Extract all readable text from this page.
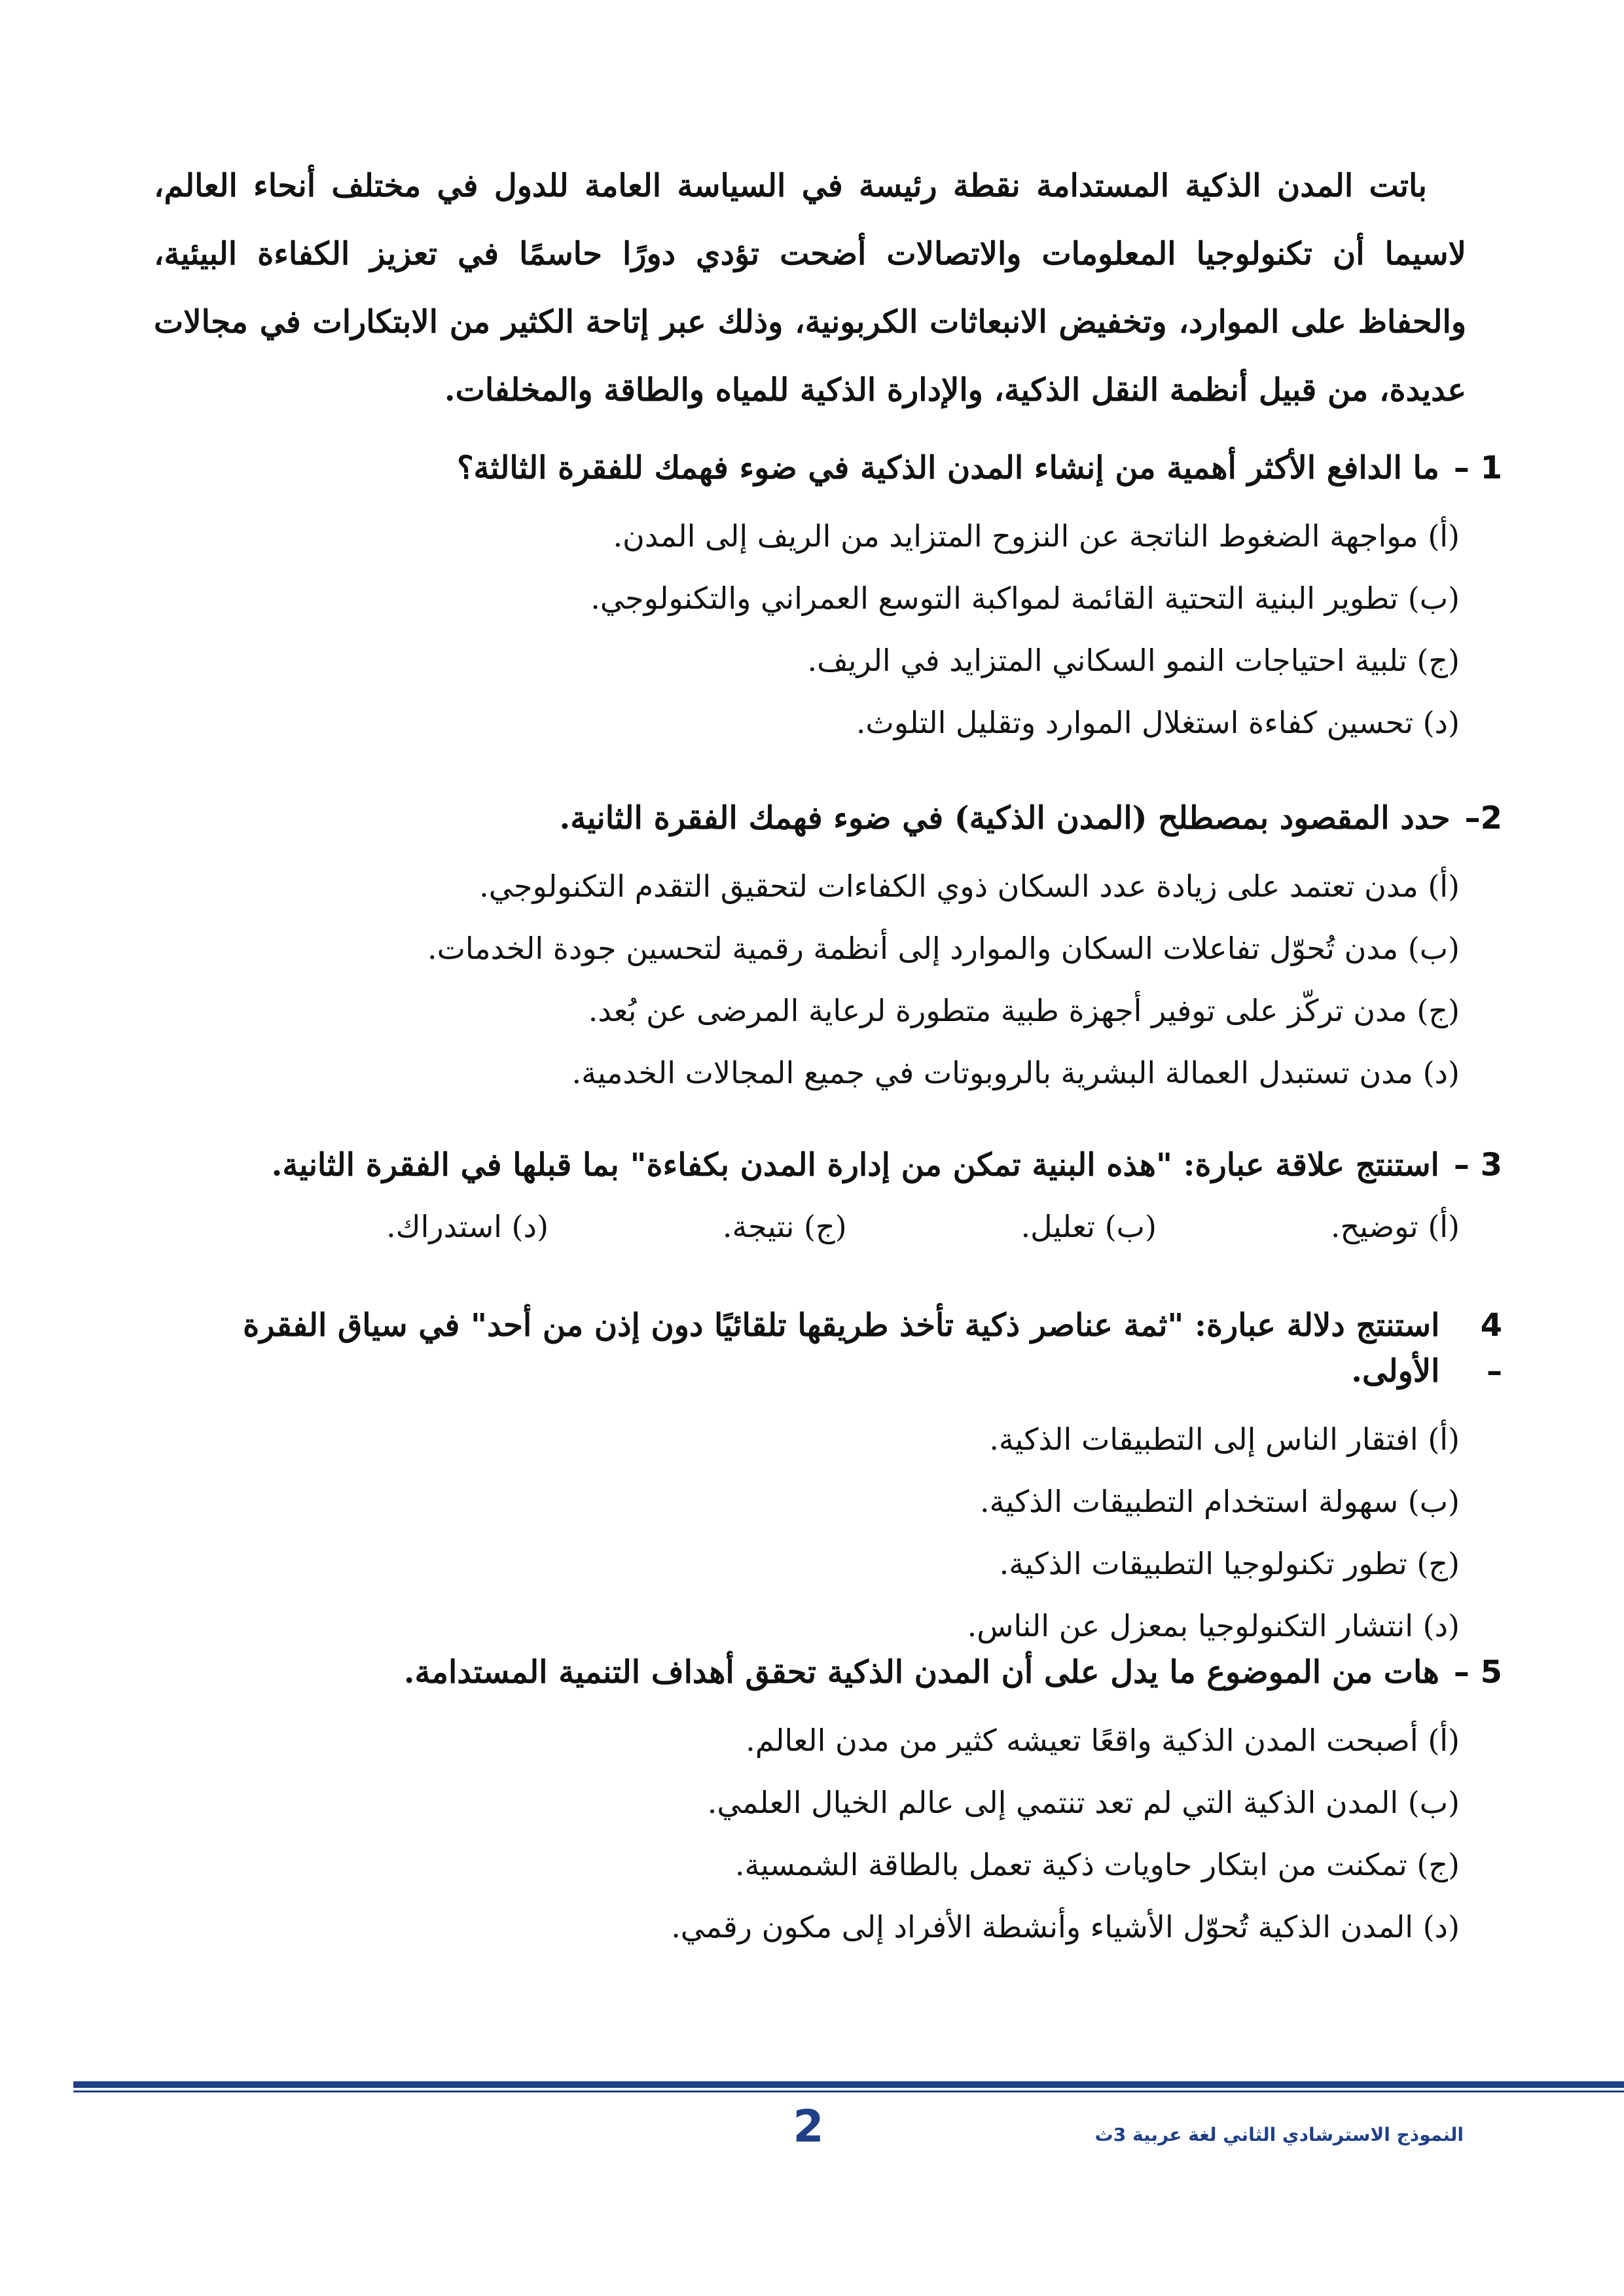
باتت المدن الذكية المستدامة نقطة رئيسة في السياسة العامة للدول في مختلف أنحاء العالم، لاسيما أن تكنولوجيا المعلومات والاتصالات أضحت تؤدي دورًا حاسمًا في تعزيز الكفاءة البيئية، والحفاظ على الموارد، وتخفيض الانبعاثات الكربونية، وذلك عبر إتاحة الكثير من الابتكارات في مجالات عديدة، من قبيل أنظمة النقل الذكية، والإدارة الذكية للمياه والطاقة والمخلفات.

1 –
ما الدافع الأكثر أهمية من إنشاء المدن الذكية في ضوء فهمك للفقرة الثالثة؟
(أ) مواجهة الضغوط الناتجة عن النزوح المتزايد من الريف إلى المدن.
(ب) تطوير البنية التحتية القائمة لمواكبة التوسع العمراني والتكنولوجي.
(ج) تلبية احتياجات النمو السكاني المتزايد في الريف.
(د) تحسين كفاءة استغلال الموارد وتقليل التلوث.
2–
حدد المقصود بمصطلح (المدن الذكية) في ضوء فهمك الفقرة الثانية.
(أ) مدن تعتمد على زيادة عدد السكان ذوي الكفاءات لتحقيق التقدم التكنولوجي.
(ب) مدن تُحوّل تفاعلات السكان والموارد إلى أنظمة رقمية لتحسين جودة الخدمات.
(ج) مدن تركّز على توفير أجهزة طبية متطورة لرعاية المرضى عن بُعد.
(د) مدن تستبدل العمالة البشرية بالروبوتات في جميع المجالات الخدمية.
3 –
استنتج علاقة عبارة: "هذه البنية تمكن من إدارة المدن بكفاءة" بما قبلها في الفقرة الثانية.
(أ) توضيح.
(ب) تعليل.
(ج) نتيجة.
(د) استدراك.
4 –
استنتج دلالة عبارة: "ثمة عناصر ذكية تأخذ طريقها تلقائيًا دون إذن من أحد" في سياق الفقرة الأولى.
(أ) افتقار الناس إلى التطبيقات الذكية.
(ب) سهولة استخدام التطبيقات الذكية.
(ج) تطور تكنولوجيا التطبيقات الذكية.
(د) انتشار التكنولوجيا بمعزل عن الناس.
5 –
هات من الموضوع ما يدل على أن المدن الذكية تحقق أهداف التنمية المستدامة.
(أ) أصبحت المدن الذكية واقعًا تعيشه كثير من مدن العالم.
(ب) المدن الذكية التي لم تعد تنتمي إلى عالم الخيال العلمي.
(ج) تمكنت من ابتكار حاويات ذكية تعمل بالطاقة الشمسية.
(د) المدن الذكية تُحوّل الأشياء وأنشطة الأفراد إلى مكون رقمي.
2	النموذج الاسترشادي الثاني لغة عربية 3ث
